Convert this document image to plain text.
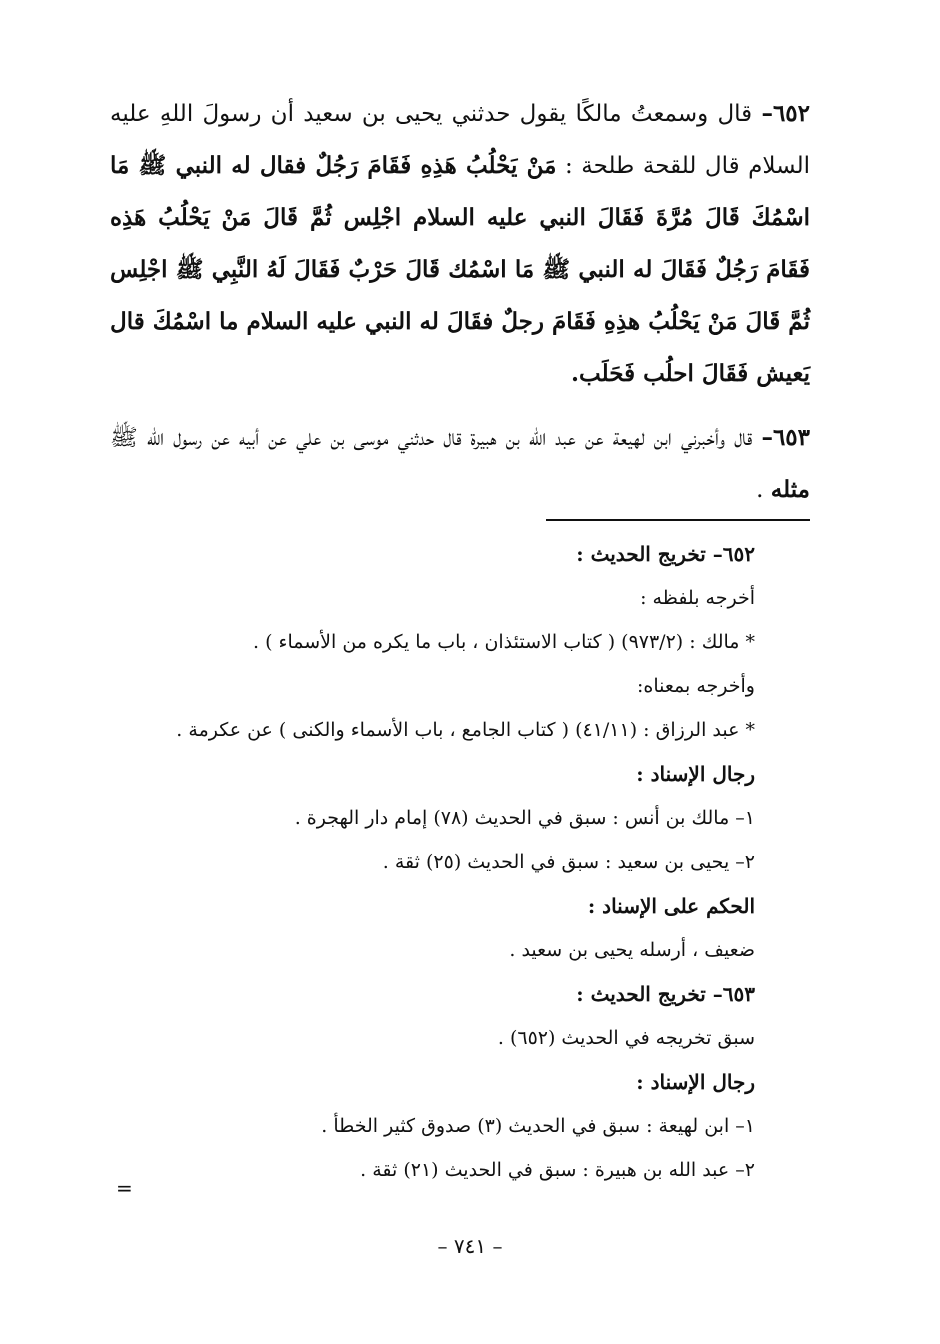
٦٥٢– قال وسمعتُ مالكًا يقول حدثني يحيى بن سعيد أن رسولَ اللهِ عليه السلام قال للقحة طلحة : مَنْ يَحْلُبُ هَذِهِ فَقَامَ رَجُلٌ فقال له النبي ﷺ مَا اسْمُكَ قَالَ مُرَّةَ فَقَالَ النبي عليه السلام اجْلِس ثُمَّ قَالَ مَنْ يَحْلُبُ هَذِه فَقَامَ رَجُلٌ فَقَالَ له النبي ﷺ مَا اسْمُك قَالَ حَرْبٌ فَقَالَ لَهُ النَّبِي ﷺ اجْلِس ثُمَّ قَالَ مَنْ يَحْلُبُ هذِهِ فَقَامَ رجلٌ فقَالَ له النبي عليه السلام ما اسْمُكَ قال يَعيش فَقَالَ احلُب فَحَلَب.

٦٥٣– قال وأخبرني ابن لهيعة عن عبد الله بن هبيرة قال حدثني موسى بن علي عن أبيه عن رسول الله ﷺ مثله .

٦٥٢– تخريج الحديث :
أخرجه بلفظه :
* مالك : (٩٧٣/٢) ( كتاب الاستئذان ، باب ما يكره من الأسماء ) .
وأخرجه بمعناه:
* عبد الرزاق : (٤١/١١) ( كتاب الجامع ، باب الأسماء والكنى ) عن عكرمة .
رجال الإسناد :
١– مالك بن أنس : سبق في الحديث (٧٨) إمام دار الهجرة .
٢– يحيى بن سعيد : سبق في الحديث (٢٥) ثقة .
الحكم على الإسناد :
ضعيف ، أرسله يحيى بن سعيد .
٦٥٣– تخريج الحديث :
سبق تخريجه في الحديث (٦٥٢) .
رجال الإسناد :
١– ابن لهيعة : سبق في الحديث (٣) صدوق كثير الخطأ .
٢– عبد الله بن هبيرة : سبق في الحديث (٢١) ثقة .
=
– ٧٤١ –
